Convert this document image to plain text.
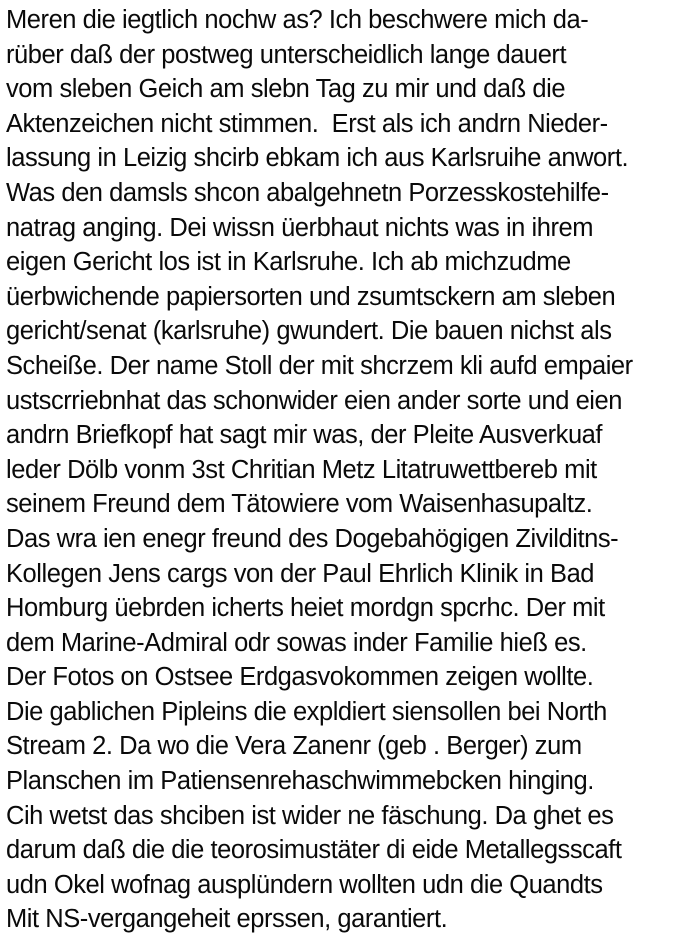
Meren die iegtlich nochw as? Ich beschwere mich da-
rüber daß der postweg unterscheidlich lange dauert
vom sleben Geich am slebn Tag zu mir und daß die
Aktenzeichen nicht stimmen.  Erst als ich andrn Nieder-
lassung in Leizig shcirb ebkam ich aus Karlsruihe anwort.
Was den damsls shcon abalgehnetn Porzesskostehilfe-
natrag anging. Dei wissn üerbhaut nichts was in ihrem
eigen Gericht los ist in Karlsruhe. Ich ab michzudme
üerbwichende papiersorten und zsumtsckern am sleben
gericht/senat (karlsruhe) gwundert. Die bauen nichst als
Scheiße. Der name Stoll der mit shcrzem kli aufd empaier
ustscrriebnhat das schonwider eien ander sorte und eien
andrn Briefkopf hat sagt mir was, der Pleite Ausverkuaf
leder Dölb vonm 3st Chritian Metz Litatruwettbereb mit
seinem Freund dem Tätowiere vom Waisenhasupaltz.
Das wra ien enegr freund des Dogebahögigen Zivilditns-
Kollegen Jens cargs von der Paul Ehrlich Klinik in Bad
Homburg üebrden icherts heiet mordgn spcrhc. Der mit
dem Marine-Admiral odr sowas inder Familie hieß es.
Der Fotos on Ostsee Erdgasvokommen zeigen wollte.
Die gablichen Pipleins die expldiert siensollen bei North
Stream 2. Da wo die Vera Zanenr (geb . Berger) zum
Planschen im Patiensenrehaschwimmebcken hinging.
Cih wetst das shciben ist wider ne fäschung. Da ghet es
darum daß die die teorosimustäter di eide Metallegsscaft
udn Okel wofnag ausplündern wollten udn die Quandts
Mit NS-vergangeheit eprssen, garantiert.
